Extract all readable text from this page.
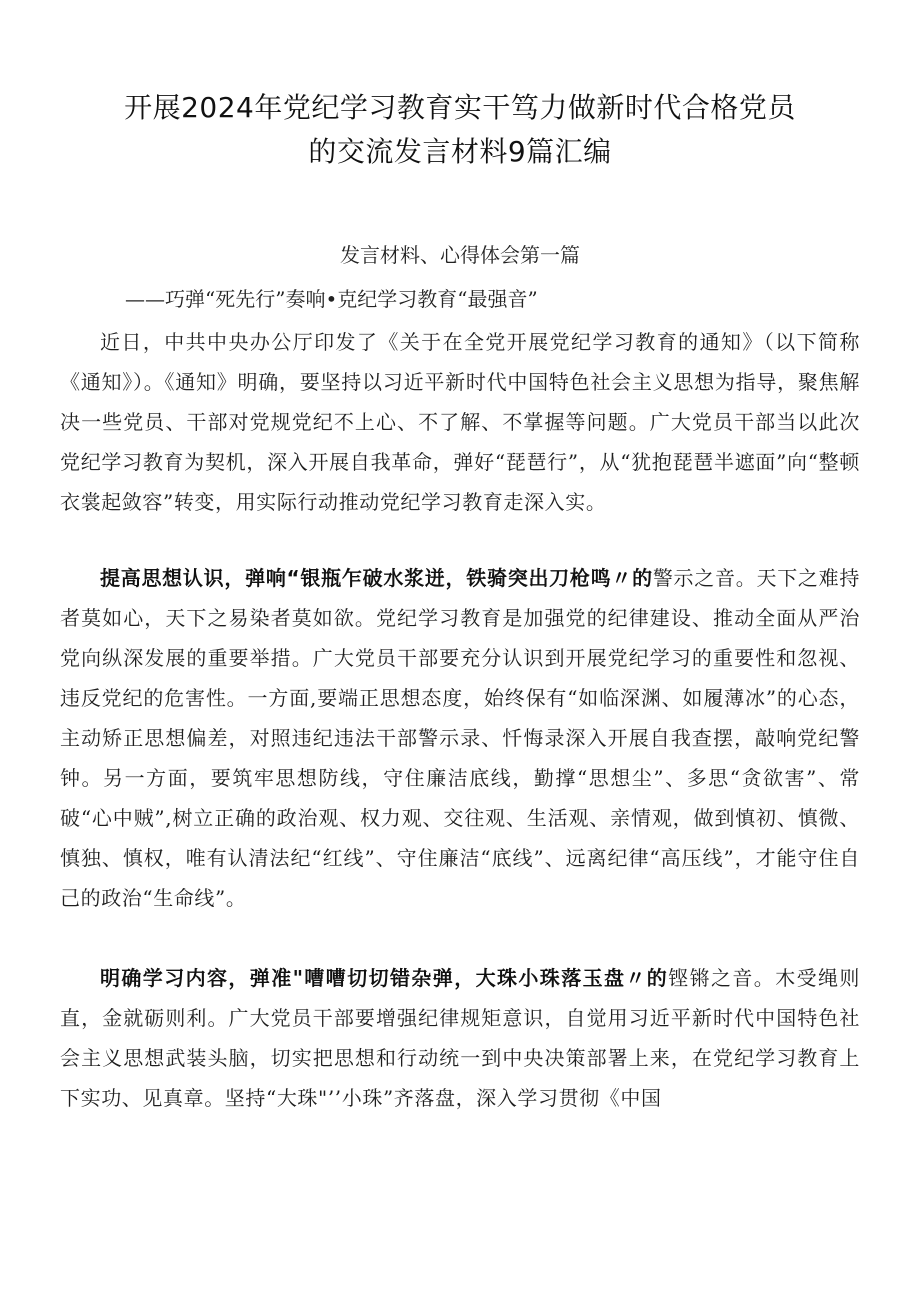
开展2024年党纪学习教育实干笃力做新时代合格党员
的交流发言材料9篇汇编
发言材料、心得体会第一篇
——巧弹“死先行”奏响•克纪学习教育“最强音”

近日，中共中央办公厅印发了《关于在全党开展党纪学习教育的通知》（以下简称《通知》）。《通知》明确，要坚持以习近平新时代中国特色社会主义思想为指导，聚焦解决一些党员、干部对党规党纪不上心、不了解、不掌握等问题。广大党员干部当以此次党纪学习教育为契机，深入开展自我革命，弹好“琵琶行”，从“犹抱琵琶半遮面”向“整顿衣裳起敛容”转变，用实际行动推动党纪学习教育走深入实。

提高思想认识，弹响“银瓶乍破水浆迸，铁骑突出刀枪鸣〃的警示之音。天下之难持者莫如心，天下之易染者莫如欲。党纪学习教育是加强党的纪律建设、推动全面从严治党向纵深发展的重要举措。广大党员干部要充分认识到开展党纪学习的重要性和忽视、违反党纪的危害性。一方面,要端正思想态度，始终保有“如临深渊、如履薄冰”的心态，主动矫正思想偏差，对照违纪违法干部警示录、忏悔录深入开展自我查摆，敲响党纪警钟。另一方面，要筑牢思想防线，守住廉洁底线，勤撑“思想尘”、多思“贪欲害”、常破“心中贼”,树立正确的政治观、权力观、交往观、生活观、亲情观，做到慎初、慎微、慎独、慎权，唯有认清法纪“红线”、守住廉洁“底线”、远离纪律“高压线”，才能守住自己的政治“生命线”。

明确学习内容，弹准"嘈嘈切切错杂弹，大珠小珠落玉盘〃的铿锵之音。木受绳则直，金就砺则利。广大党员干部要增强纪律规矩意识，自觉用习近平新时代中国特色社会主义思想武装头脑，切实把思想和行动统一到中央决策部署上来，在党纪学习教育上下实功、见真章。坚持“大珠"’’小珠”齐落盘，深入学习贯彻《中国
